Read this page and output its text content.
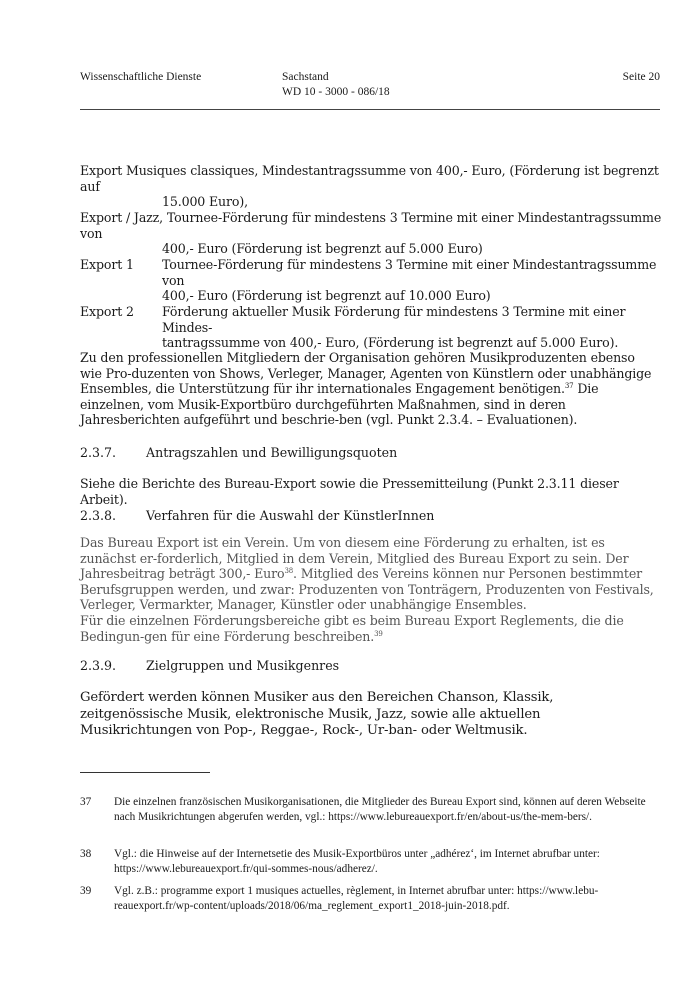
Wissenschaftliche Dienste	Sachstand
WD 10 - 3000 - 086/18
Seite 20
Export Musiques classiques, Mindestantragssumme von 400,- Euro, (Förderung ist begrenzt auf
15.000 Euro),
Export / Jazz, Tournee-Förderung für mindestens 3 Termine mit einer Mindestantragssumme von
400,- Euro (Förderung ist begrenzt auf 5.000 Euro)
Export 1	Tournee-Förderung für mindestens 3 Termine mit einer Mindestantragssumme von
400,- Euro (Förderung ist begrenzt auf 10.000 Euro)
Export 2	Förderung aktueller Musik Förderung für mindestens 3 Termine mit einer Mindes-
tantragssumme von 400,- Euro, (Förderung ist begrenzt auf 5.000 Euro).
Zu den professionellen Mitgliedern der Organisation gehören Musikproduzenten ebenso wie Pro-duzenten von Shows, Verleger, Manager, Agenten von Künstlern oder unabhängige Ensembles, die Unterstützung für ihr internationales Engagement benötigen.$^{37}$ Die einzelnen, vom Musik-Exportbüro durchgeführten Maßnahmen, sind in deren Jahresberichten aufgeführt und beschrie-ben (vgl. Punkt 2.3.4. – Evaluationen).
2.3.7. Antragszahlen und Bewilligungsquoten
Siehe die Berichte des Bureau-Export sowie die Pressemitteilung (Punkt 2.3.11 dieser Arbeit).
2.3.8. Verfahren für die Auswahl der KünstlerInnen
Das Bureau Export ist ein Verein. Um von diesem eine Förderung zu erhalten, ist es zunächst er-forderlich, Mitglied in dem Verein, Mitglied des Bureau Export zu sein. Der Jahresbeitrag beträgt 300,- Euro$^{38}$. Mitglied des Vereins können nur Personen bestimmter Berufsgruppen werden, und zwar: Produzenten von Tonträgern, Produzenten von Festivals, Verleger, Vermarkter, Manager, Künstler oder unabhängige Ensembles.
Für die einzelnen Förderungsbereiche gibt es beim Bureau Export Reglements, die die Bedingun-gen für eine Förderung beschreiben.$^{39}$
2.3.9. Zielgruppen und Musikgenres
Gefördert werden können Musiker aus den Bereichen Chanson, Klassik, zeitgenössische Musik, elektronische Musik, Jazz, sowie alle aktuellen Musikrichtungen von Pop-, Reggae-, Rock-, Ur-ban- oder Weltmusik.
37 Die einzelnen französischen Musikorganisationen, die Mitglieder des Bureau Export sind, können auf deren Webseite nach Musikrichtungen abgerufen werden, vgl.: https://www.lebureauexport.fr/en/about-us/the-mem-bers/.
38 Vgl.: die Hinweise auf der Internetsetie des Musik-Exportbüros unter „adhérez‘, im Internet abrufbar unter: https://www.lebureauexport.fr/qui-sommes-nous/adherez/.
39 Vgl. z.B.: programme export 1 musiques actuelles, règlement, in Internet abrufbar unter: https://www.lebu-reauexport.fr/wp-content/uploads/2018/06/ma_reglement_export1_2018-juin-2018.pdf.
